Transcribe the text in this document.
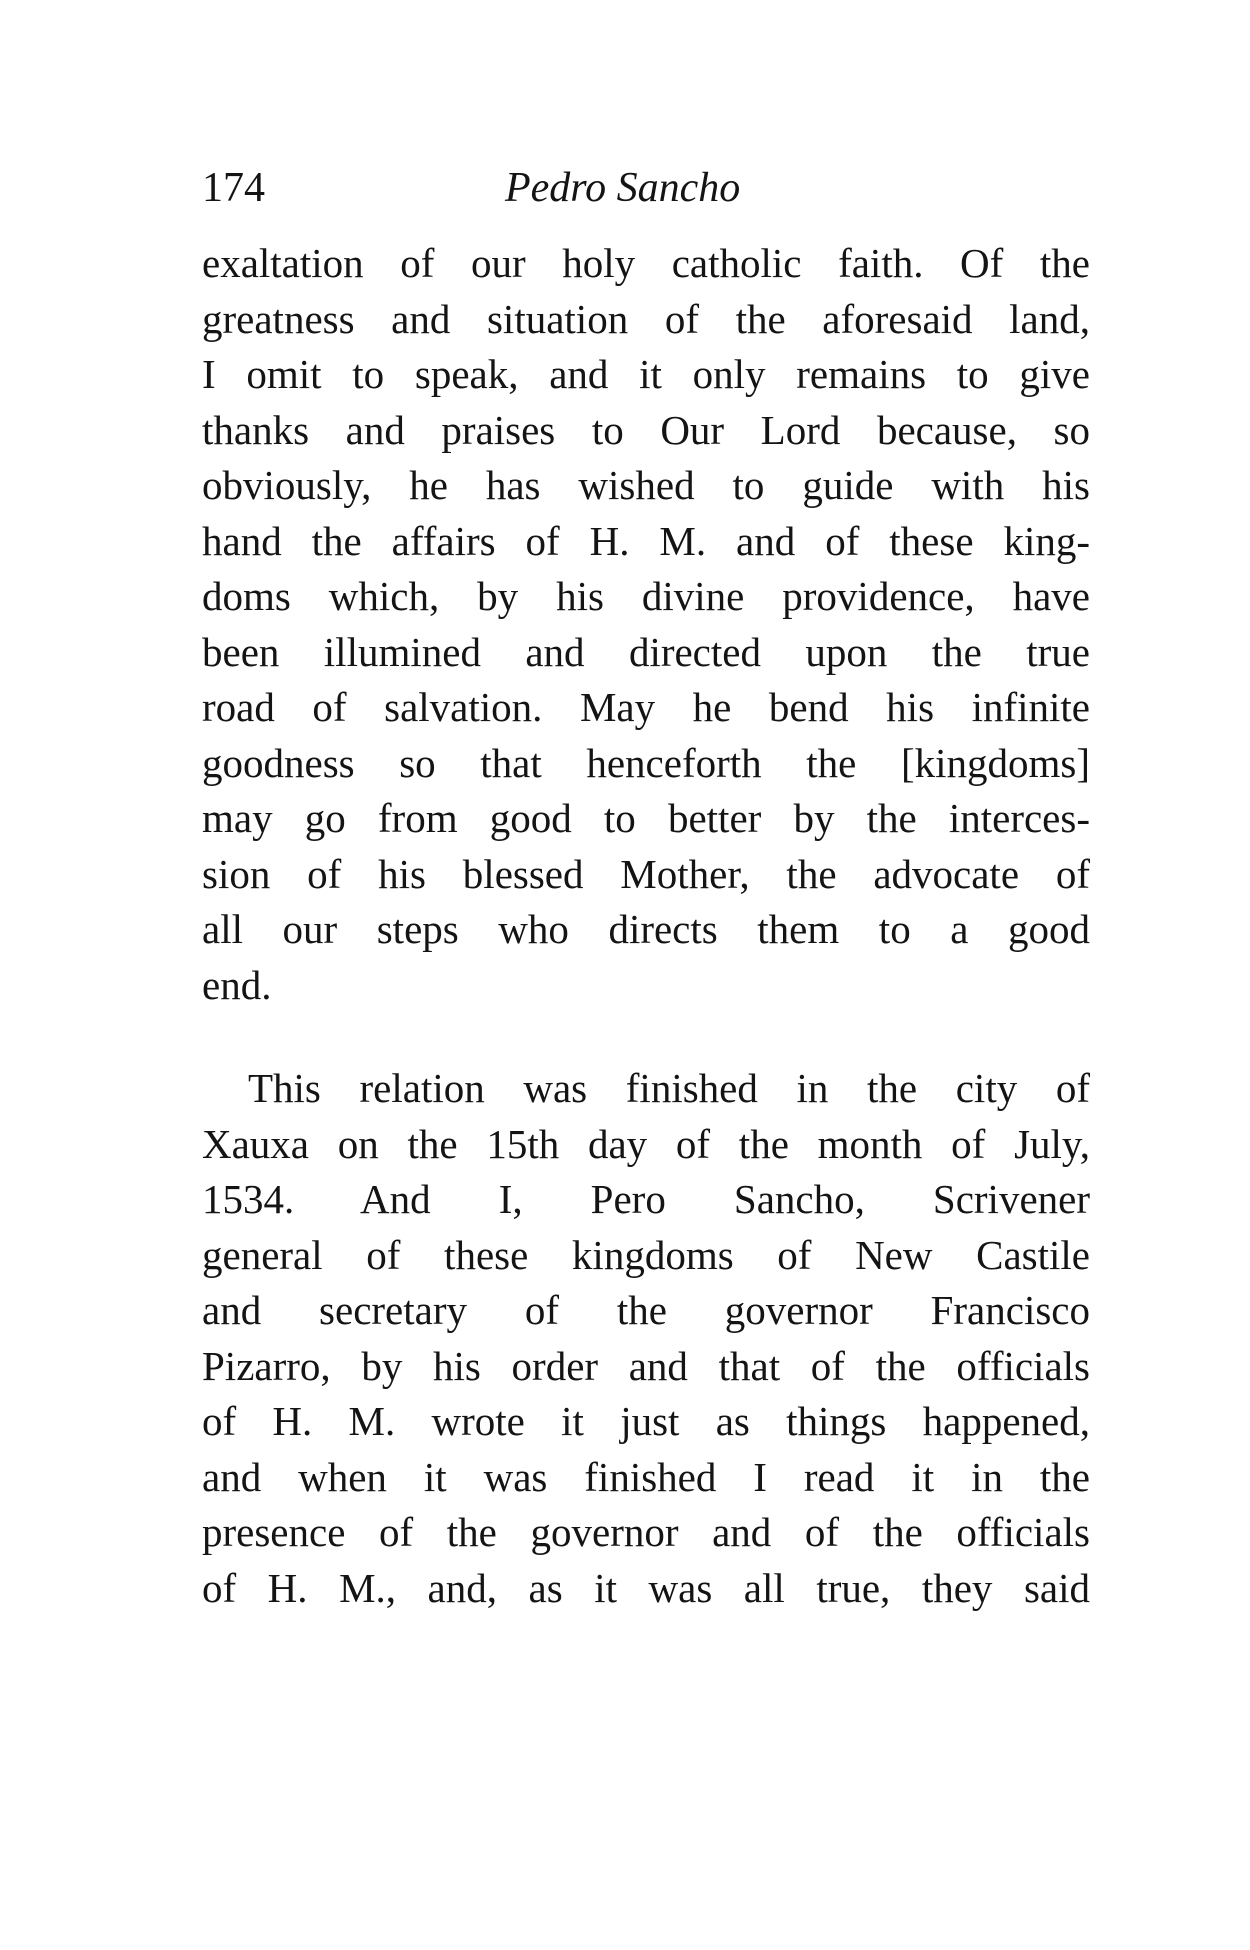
174	Pedro Sancho
exaltation of our holy catholic faith. Of the
greatness and situation of the aforesaid land,
I omit to speak, and it only remains to give
thanks and praises to Our Lord because, so
obviously, he has wished to guide with his
hand the affairs of H. M. and of these king-
doms which, by his divine providence, have
been illumined and directed upon the true
road of salvation. May he bend his infinite
goodness so that henceforth the [kingdoms]
may go from good to better by the interces-
sion of his blessed Mother, the advocate of
all our steps who directs them to a good
end.
This relation was finished in the city of
Xauxa on the 15th day of the month of July,
1534. And I, Pero Sancho, Scrivener
general of these kingdoms of New Castile
and secretary of the governor Francisco
Pizarro, by his order and that of the officials
of H. M. wrote it just as things happened,
and when it was finished I read it in the
presence of the governor and of the officials
of H. M., and, as it was all true, they said
